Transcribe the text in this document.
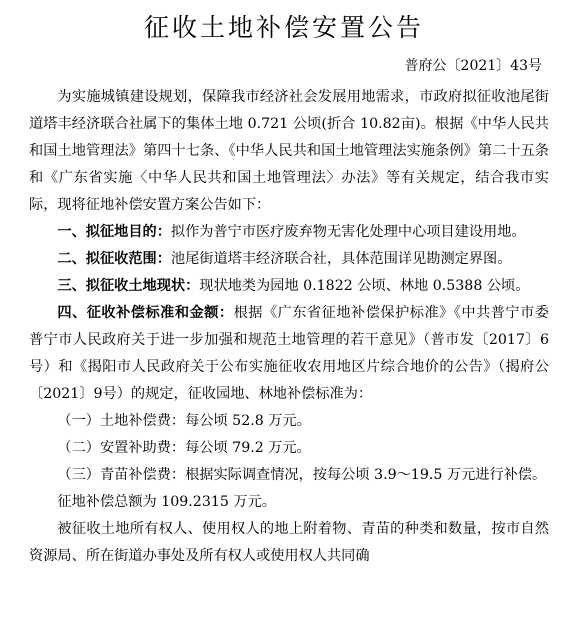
征收土地补偿安置公告
普府公〔2021〕43号

为实施城镇建设规划，保障我市经济社会发展用地需求，市政府拟征收池尾街道塔丰经济联合社属下的集体土地 0.721 公顷(折合 10.82亩)。根据《中华人民共和国土地管理法》第四十七条、《中华人民共和国土地管理法实施条例》第二十五条和《广东省实施〈中华人民共和国土地管理法〉办法》等有关规定，结合我市实际，现将征地补偿安置方案公告如下：

一、拟征地目的：拟作为普宁市医疗废弃物无害化处理中心项目建设用地。

二、拟征收范围：池尾街道塔丰经济联合社，具体范围详见勘测定界图。

三、拟征收土地现状：现状地类为园地 0.1822 公顷、林地 0.5388 公顷。

四、征收补偿标准和金额：根据《广东省征地补偿保护标准》《中共普宁市委 普宁市人民政府关于进一步加强和规范土地管理的若干意见》（普市发〔2017〕6号）和《揭阳市人民政府关于公布实施征收农用地区片综合地价的公告》（揭府公〔2021〕9号）的规定，征收园地、林地补偿标准为：

（一）土地补偿费：每公顷 52.8 万元。

（二）安置补助费：每公顷 79.2 万元。

（三）青苗补偿费：根据实际调查情况，按每公顷 3.9～19.5 万元进行补偿。

征地补偿总额为 109.2315 万元。

被征收土地所有权人、使用权人的地上附着物、青苗的种类和数量，按市自然资源局、所在街道办事处及所有权人或使用权人共同确
